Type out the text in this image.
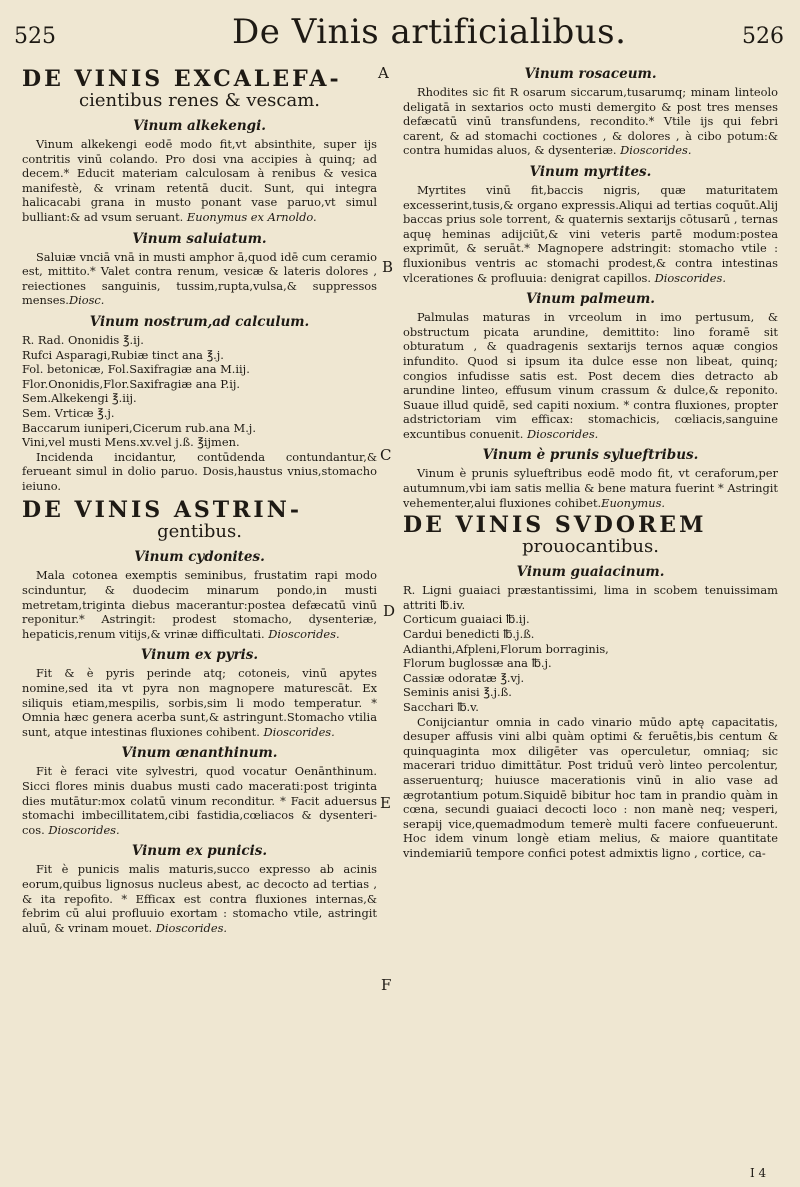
525	De Vinis artificialibus.	526
A
B
C
D
E
F
DE VINIS EXCALEFA-
cientibus renes & vescam.
Vinum alkekengi.

Vinum alkekengi eodē modo fit,vt absinthite, super ijs contritis vinū colando. Pro dosi vna accipies à quinq; ad decem.* Educit materiam calculosam à renibus & vesica manifestè, & vrinam retentā ducit. Sunt, qui integra halicacabi grana in musto ponant vase paruo,vt simul bulliant:& ad vsum seruant. Euonymus ex Arnoldo.

Vinum saluiatum.

Saluiæ vnciā vnā in musti amphor ā,quod idē cum ceramio est, mittito.* Valet contra renum, vesicæ & lateris dolores , reiectiones sanguinis, tussim,rupta,vulsa,& suppressos menses.Diosc.

Vinum nostrum,ad calculum.

R. Rad. Ononidis ℥.ij.

Rufci Asparagi,Rubiæ tinct ana ℥.j.

Fol. betonicæ, Fol.Saxifragiæ ana M.iij.

Flor.Ononidis,Flor.Saxifragiæ ana P.ij.

Sem.Alkekengi ℥.iij.

Sem. Vrticæ ℥.j.

Baccarum iuniperi,Cicerum rub.ana M.j.

Vini,vel musti Mens.xv.vel j.ß. ℥ijmen.

Incidenda incidantur, contūdenda contundantur,& ferueant simul in dolio paruo. Dosis,haustus vnius,stomacho ieiuno.

DE VINIS ASTRIN-
gentibus.
Vinum cydonites.

Mala cotonea exemptis seminibus, frustatim rapi modo scinduntur, & duodecim minarum pondo,in musti metretam,triginta diebus macerantur:postea defæcatū vinū reponitur.* Astringit: prodest stomacho, dysenteriæ, hepaticis,renum vitijs,& vrinæ difficultati. Dioscorides.

Vinum ex pyris.

Fit & è pyris perinde atq; cotoneis, vinū apytes nomine,sed ita vt pyra non magnopere maturescāt. Ex siliquis etiam,mespilis, sorbis,sim li modo temperatur. * Omnia hæc genera acerba sunt,& astringunt.Stomacho vtilia sunt, atque intestinas fluxiones cohibent. Dioscorides.

Vinum œnanthinum.

Fit è feraci vite sylvestri, quod vocatur Oenānthinum. Sicci flores minis duabus musti cado macerati:post triginta dies mutātur:mox colatū vinum reconditur. * Facit aduersus stomachi imbecillitatem,cibi fastidia,cœliacos & dysenteri-cos. Dioscorides.

Vinum ex punicis.

Fit è punicis malis maturis,succo expresso ab acinis eorum,quibus lignosus nucleus abest, ac decocto ad tertias , & ita repofito. * Efficax est contra fluxiones internas,& febrim cū alui profluuio exortam : stomacho vtile, astringit aluū, & vrinam mouet. Dioscorides.

Vinum rosaceum.

Rhodites sic fit R osarum siccarum,tusarumq; minam linteolo deligatā in sextarios octo musti demergito & post tres menses defæcatū vinū transfundens, recondito.* Vtile ijs qui febri carent, & ad stomachi coctiones , & dolores , à cibo potum:& contra humidas aluos, & dysenteriæ. Dioscorides.

Vinum myrtites.

Myrtites vinū fit,baccis nigris, quæ maturitatem excesserint,tusis,& organo expressis.Aliqui ad tertias coquūt.Alij baccas prius sole torrent, & quaternis sextarijs cōtusarū , ternas aquę heminas adijciūt,& vini veteris partē modum:postea exprimūt, & seruāt.* Magnopere adstringit: stomacho vtile : fluxionibus ventris ac stomachi prodest,& contra intestinas vlcerationes & profluuia: denigrat capillos. Dioscorides.

Vinum palmeum.

Palmulas maturas in vrceolum in imo pertusum, & obstructum picata arundine, demittito: lino foramē sit obturatum , & quadragenis sextarijs ternos aquæ congios infundito. Quod si ipsum ita dulce esse non libeat, quinq; congios infudisse satis est. Post decem dies detracto ab arundine linteo, effusum vinum crassum & dulce,& reponito. Suaue illud quidē, sed capiti noxium. * contra fluxiones, propter adstrictoriam vim efficax: stomachicis, cœliacis,sanguine excuntibus conuenit. Dioscorides.

Vinum è prunis sylueftribus.

Vinum è prunis sylueftribus eodē modo fit, vt ceraforum,per autumnum,vbi iam satis mellia & bene matura fuerint * Astringit vehementer,alui fluxiones cohibet.Euonymus.

DE VINIS SVDOREM
prouocantibus.
Vinum guaiacinum.

R. Ligni guaiaci præstantissimi, lima in scobem tenuissimam attriti ℔.iv.

Corticum guaiaci ℔.ij.

Cardui benedicti ℔.j.ß.

Adianthi,Afpleni,Florum borraginis,

Florum buglossæ ana ℔.j.

Cassiæ odoratæ ℥.vj.

Seminis anisi ℥.j.ß.

Sacchari ℔.v.

Conijciantur omnia in cado vinario mūdo aptę capacitatis, desuper affusis vini albi quàm optimi & feruētis,bis centum & quinquaginta mox diligēter vas operculetur, omniaq; sic macerari triduo dimittātur. Post triduū verò linteo percolentur, asseruenturq; huiusce macerationis vinū in alio vase ad ægrotantium potum.Siquidē bibitur hoc tam in prandio quàm in cœna, secundi guaiaci decocti loco : non manè neq; vesperi, serapij vice,quemadmodum temerè multi facere confueuerunt. Hoc idem vinum longè etiam melius, & maiore quantitate vindemiariū tempore confici potest admixtis ligno , cortice, ca-

I 4
